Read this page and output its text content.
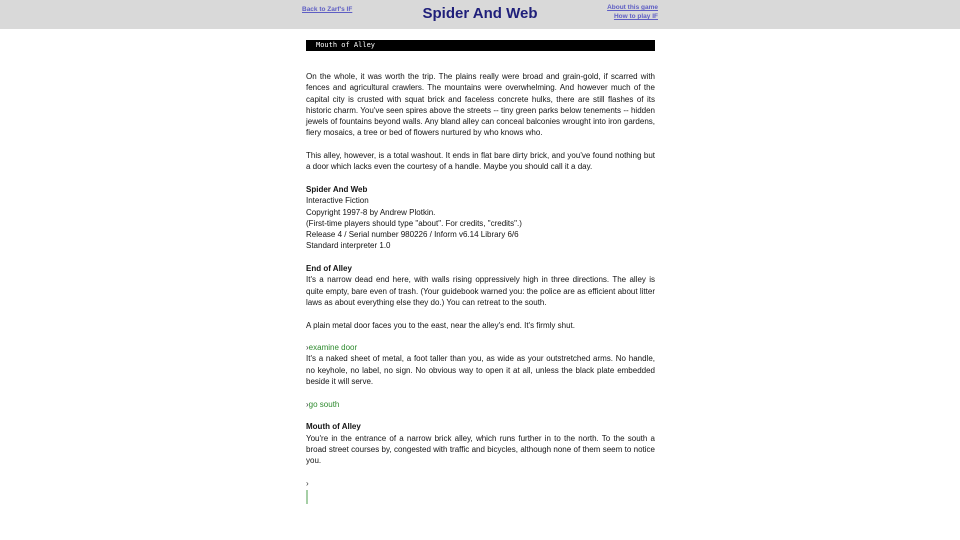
Back to Zarf's IF	Spider And Web	About this game
How to play IF
Mouth of Alley

On the whole, it was worth the trip. The plains really were broad and grain-gold, if scarred with fences and agricultural crawlers. The mountains were overwhelming. And however much of the capital city is crusted with squat brick and faceless concrete hulks, there are still flashes of its historic charm. You've seen spires above the streets -- tiny green parks below tenements -- hidden jewels of fountains beyond walls. Any bland alley can conceal balconies wrought into iron gardens, fiery mosaics, a tree or bed of flowers nurtured by who knows who.

This alley, however, is a total washout. It ends in flat bare dirty brick, and you've found nothing but a door which lacks even the courtesy of a handle. Maybe you should call it a day.

Spider And Web
Interactive Fiction
Copyright 1997-8 by Andrew Plotkin.
(First-time players should type "about". For credits, "credits".)
Release 4 / Serial number 980226 / Inform v6.14 Library 6/6
Standard interpreter 1.0
End of Alley

It's a narrow dead end here, with walls rising oppressively high in three directions. The alley is quite empty, bare even of trash. (Your guidebook warned you: the police are as efficient about litter laws as about everything else they do.) You can retreat to the south.

A plain metal door faces you to the east, near the alley's end. It's firmly shut.

›examine door

It's a naked sheet of metal, a foot taller than you, as wide as your outstretched arms. No handle, no keyhole, no label, no sign. No obvious way to open it at all, unless the black plate embedded beside it will serve.

›go south
Mouth of Alley

You're in the entrance of a narrow brick alley, which runs further in to the north. To the south a broad street courses by, congested with traffic and bicycles, although none of them seem to notice you.

›
